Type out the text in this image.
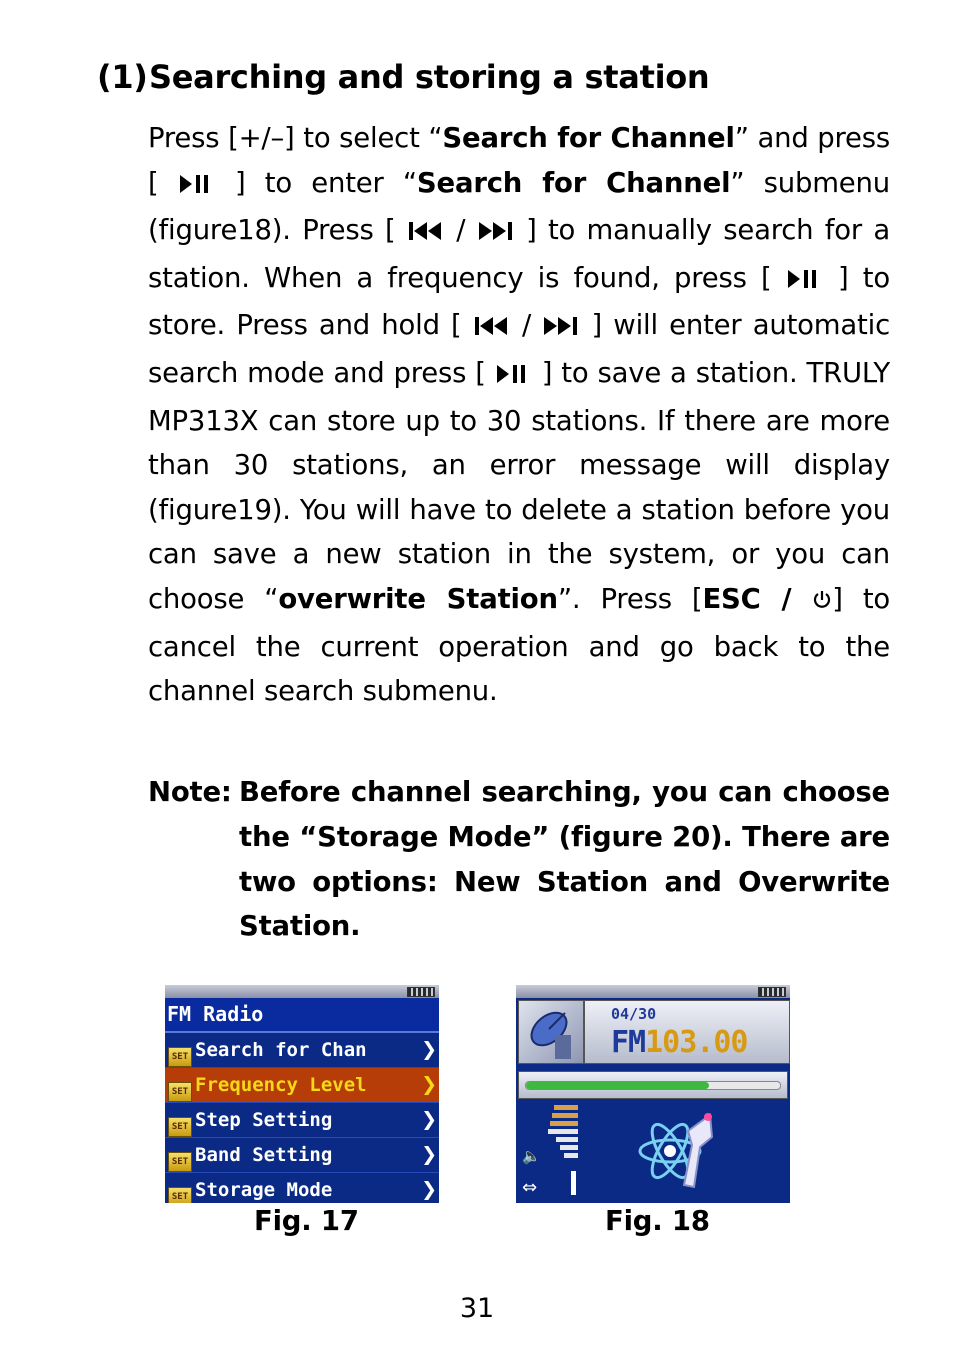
(1)Searching and storing a station
Press [+/–] to select “Search for Channel” and press [  ] to enter “Search for Channel” submenu (figure18). Press [  /  ] to manually search for a station. When a frequency is found, press [  ] to store. Press and hold [  /  ] will enter automatic search mode and press [  ] to save a station. TRULY MP313X can store up to 30 stations. If there are more than 30 stations, an error message will display (figure19). You will have to delete a station before you can save a new station in the system, or you can choose “overwrite Station”. Press [ESC / ] to cancel the current operation and go back to the channel search submenu.
Note: Before channel searching, you can choose the “Storage Mode” (figure 20). There are two options: New Station and Overwrite Station.
FM Radio
SET Search for Chan ❯
SET Frequency Level ❯
SET Step Setting	❯
SET Band Setting	❯
SET Storage Mode	❯
04/30
FM103.00
🔈
⇔
Fig. 17	Fig. 18
31
